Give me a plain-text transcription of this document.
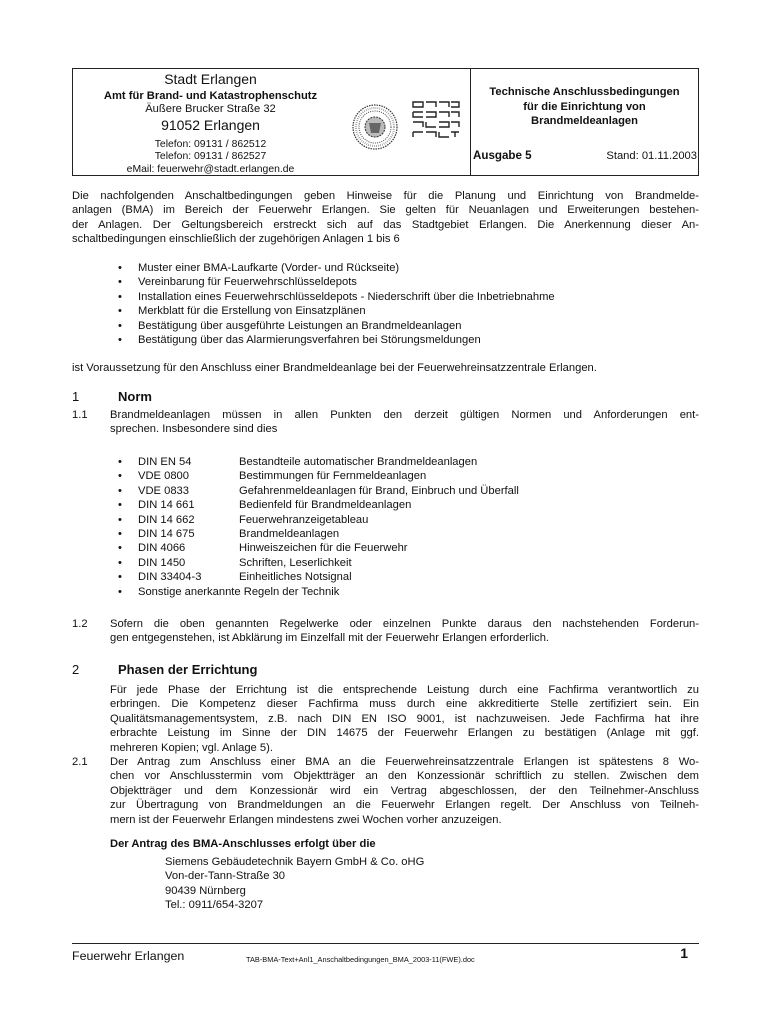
Stadt Erlangen
Amt für Brand- und Katastrophenschutz
Äußere Brucker Straße 32
91052 Erlangen
Telefon: 09131 / 862512
Telefon: 09131 / 862527
eMail: feuerwehr@stadt.erlangen.de
Technische Anschlussbedingungen
für die Einrichtung von
Brandmeldeanlagen
Ausgabe 5	Stand: 01.11.2003
Die nachfolgenden Anschaltbedingungen geben Hinweise für die Planung und Einrichtung von Brandmelde-
anlagen (BMA) im Bereich der Feuerwehr Erlangen. Sie gelten für Neuanlagen und Erweiterungen bestehen-
der Anlagen. Der Geltungsbereich erstreckt sich auf das Stadtgebiet Erlangen. Die Anerkennung dieser An-
schaltbedingungen einschließlich der zugehörigen Anlagen 1 bis 6
• Muster einer BMA-Laufkarte (Vorder- und Rückseite)
• Vereinbarung für Feuerwehrschlüsseldepots
• Installation eines Feuerwehrschlüsseldepots - Niederschrift über die Inbetriebnahme
• Merkblatt für die Erstellung von Einsatzplänen
• Bestätigung über ausgeführte Leistungen an Brandmeldeanlagen
• Bestätigung über das Alarmierungsverfahren bei Störungsmeldungen
ist Voraussetzung für den Anschluss einer Brandmeldeanlage bei der Feuerwehreinsatzzentrale Erlangen.
1	Norm
1.1 Brandmeldeanlagen müssen in allen Punkten den derzeit gültigen Normen und Anforderungen ent-
sprechen. Insbesondere sind dies
• DIN EN 54	Bestandteile automatischer Brandmeldeanlagen
• VDE 0800	Bestimmungen für Fernmeldeanlagen
• VDE 0833	Gefahrenmeldeanlagen für Brand, Einbruch und Überfall
• DIN 14 661	Bedienfeld für Brandmeldeanlagen
• DIN 14 662	Feuerwehranzeigetableau
• DIN 14 675	Brandmeldeanlagen
• DIN 4066	Hinweiszeichen für die Feuerwehr
• DIN 1450	Schriften, Leserlichkeit
• DIN 33404-3	Einheitliches Notsignal
• Sonstige anerkannte Regeln der Technik
1.2 Sofern die oben genannten Regelwerke oder einzelnen Punkte daraus den nachstehenden Forderun-
gen entgegenstehen, ist Abklärung im Einzelfall mit der Feuerwehr Erlangen erforderlich.
2	Phasen der Errichtung
Für jede Phase der Errichtung ist die entsprechende Leistung durch eine Fachfirma verantwortlich zu
erbringen. Die Kompetenz dieser Fachfirma muss durch eine akkreditierte Stelle zertifiziert sein. Ein
Qualitätsmanagementsystem, z.B. nach DIN EN ISO 9001, ist nachzuweisen. Jede Fachfirma hat ihre
erbrachte Leistung im Sinne der DIN 14675 der Feuerwehr Erlangen zu bestätigen (Anlage mit ggf.
mehreren Kopien; vgl. Anlage 5).
2.1 Der Antrag zum Anschluss einer BMA an die Feuerwehreinsatzzentrale Erlangen ist spätestens 8 Wo-
chen vor Anschlusstermin vom Objektträger an den Konzessionär schriftlich zu stellen. Zwischen dem
Objektträger und dem Konzessionär wird ein Vertrag abgeschlossen, der den Teilnehmer-Anschluss
zur Übertragung von Brandmeldungen an die Feuerwehr Erlangen regelt. Der Anschluss von Teilneh-
mern ist der Feuerwehr Erlangen mindestens zwei Wochen vorher anzuzeigen.
Der Antrag des BMA-Anschlusses erfolgt über die
Siemens Gebäudetechnik Bayern GmbH & Co. oHG
Von-der-Tann-Straße 30
90439 Nürnberg
Tel.: 0911/654-3207
Feuerwehr Erlangen	TAB-BMA-Text+Anl1_Anschaltbedingungen_BMA_2003-11(FWE).doc	1
